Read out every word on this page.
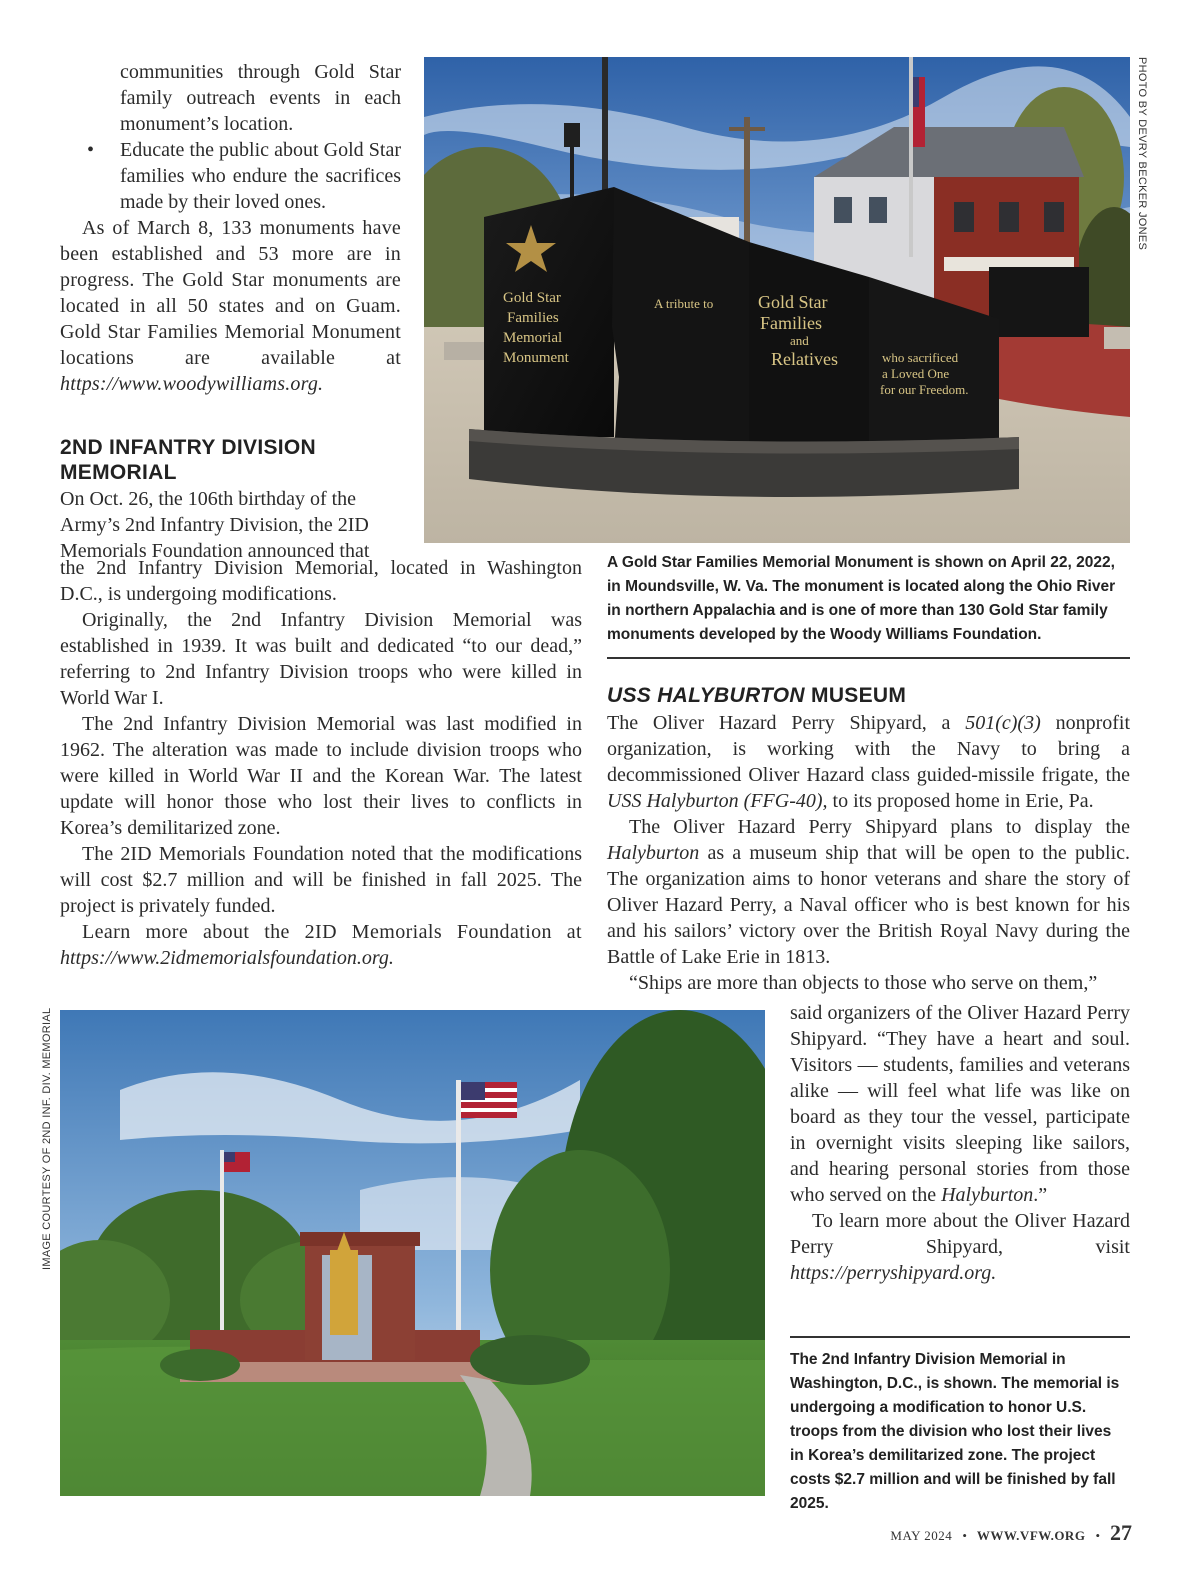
communities through Gold Star family outreach events in each monument’s location.

• Educate the public about Gold Star families who endure the sacrifices made by their loved ones.

As of March 8, 133 monuments have been established and 53 more are in progress. The Gold Star monuments are located in all 50 states and on Guam. Gold Star Families Memorial Monument locations are available at https://www.woodywilliams.org.

2ND INFANTRY DIVISION
MEMORIAL

On Oct. 26, the 106th birthday of the Army’s 2nd Infantry Division, the 2ID Memorials Foundation announced that

the 2nd Infantry Division Memorial, located in Washington D.C., is undergoing modifications.

Originally, the 2nd Infantry Division Memorial was established in 1939. It was built and dedicated “to our dead,” referring to 2nd Infantry Division troops who were killed in World War I.

The 2nd Infantry Division Memorial was last modified in 1962. The alteration was made to include division troops who were killed in World War II and the Korean War. The latest update will honor those who lost their lives to conflicts in Korea’s demilitarized zone.

The 2ID Memorials Foundation noted that the modifications will cost $2.7 million and will be finished in fall 2025. The project is privately funded.

Learn more about the 2ID Memorials Foundation at https://www.2idmemorialsfoundation.org.

Gold Star
Families
Memorial
Monument
A tribute to Gold Star
Families
and
Relatives	who sacrificed
a Loved One
for our Freedom.
PHOTO BY DEVRY BECKER JONES

A Gold Star Families Memorial Monument is shown on April 22, 2022, in Moundsville, W. Va. The monument is located along the Ohio River in northern Appalachia and is one of more than 130 Gold Star family monuments developed by the Woody Williams Foundation.

USS HALYBURTON MUSEUM

The Oliver Hazard Perry Shipyard, a 501(c)(3) nonprofit organization, is working with the Navy to bring a decommissioned Oliver Hazard class guided-missile frigate, the USS Halyburton (FFG-40), to its proposed home in Erie, Pa.

The Oliver Hazard Perry Shipyard plans to display the Halyburton as a museum ship that will be open to the public. The organization aims to honor veterans and share the story of Oliver Hazard Perry, a Naval officer who is best known for his and his sailors’ victory over the British Royal Navy during the Battle of Lake Erie in 1813.

“Ships are more than objects to those who serve on them,”

said organizers of the Oliver Hazard Perry Shipyard. “They have a heart and soul. Visitors — students, families and veterans alike — will feel what life was like on board as they tour the vessel, participate in overnight visits sleeping like sailors, and hearing personal stories from those who served on the Halyburton.”

To learn more about the Oliver Hazard Perry Shipyard, visit https://perryshipyard.org.

IMAGE COURTESY OF 2ND INF. DIV. MEMORIAL

The 2nd Infantry Division Memorial in Washington, D.C., is shown. The memorial is undergoing a modification to honor U.S. troops from the division who lost their lives in Korea’s demilitarized zone. The project costs $2.7 million and will be finished by fall 2025.

MAY 2024 • WWW.VFW.ORG • 27
